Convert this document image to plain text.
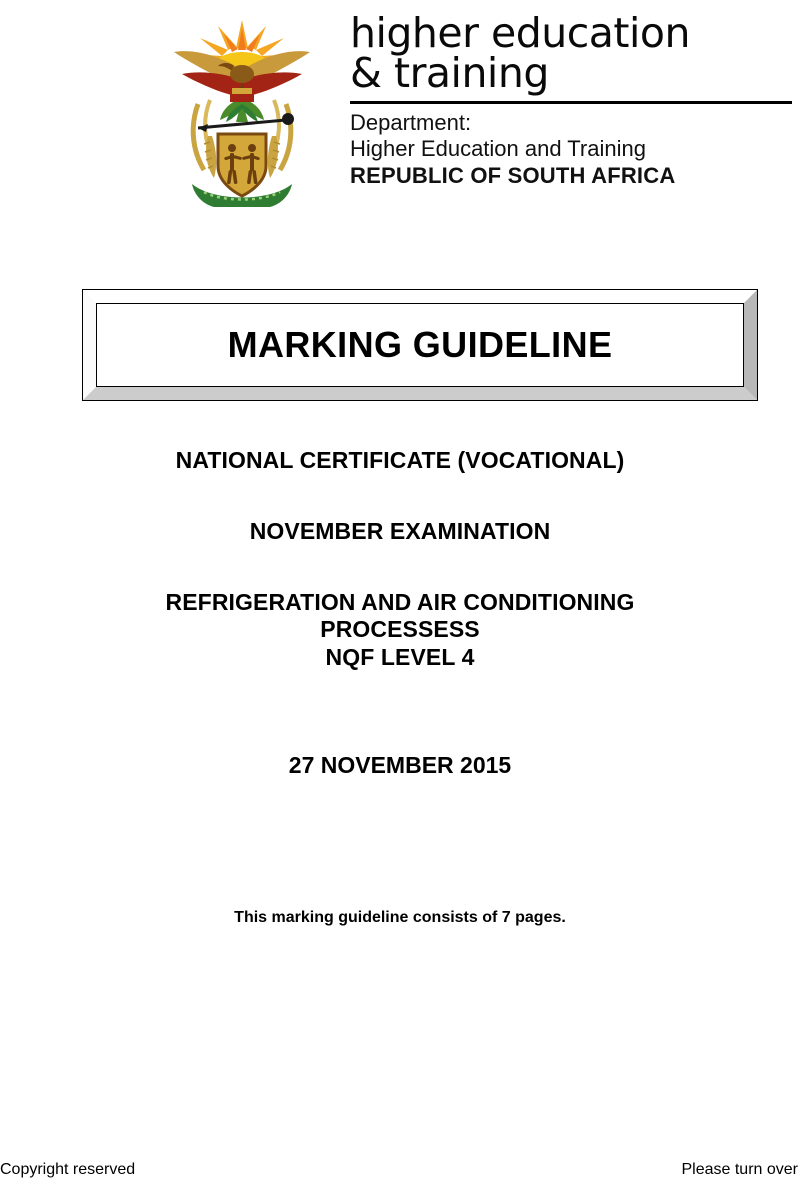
higher education
& training
Department:
Higher Education and Training
REPUBLIC OF SOUTH AFRICA
MARKING GUIDELINE
NATIONAL CERTIFICATE (VOCATIONAL)
NOVEMBER EXAMINATION
REFRIGERATION AND AIR CONDITIONING
PROCESSESS
NQF LEVEL 4
27 NOVEMBER 2015
This marking guideline consists of 7 pages.
Copyright reserved	Please turn over
